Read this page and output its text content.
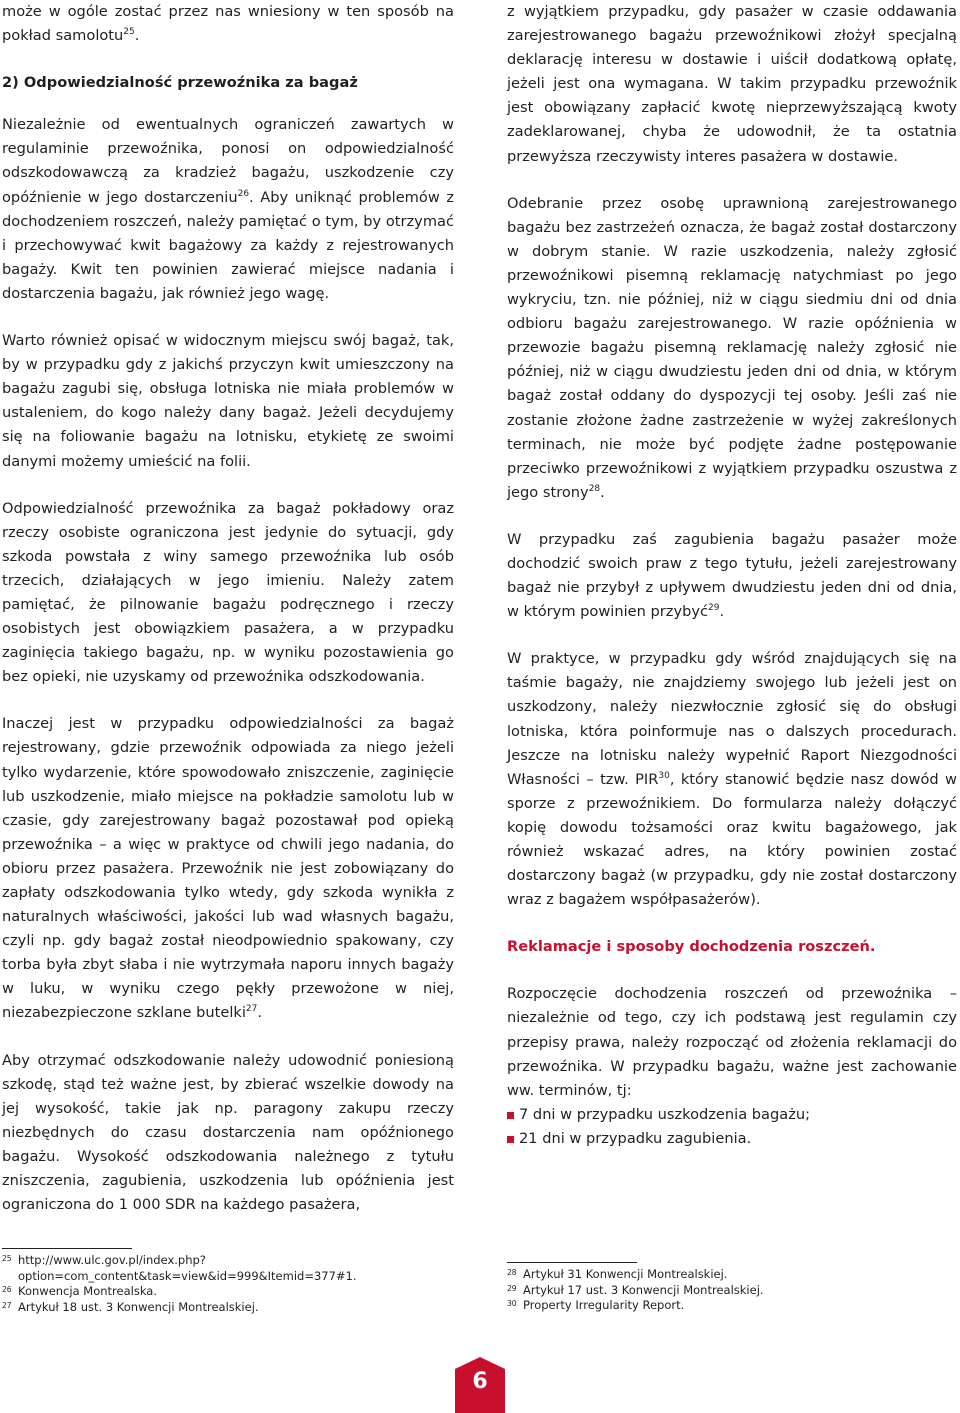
może w ogóle zostać przez nas wniesiony w ten sposób na pokład samolotu$^{25}$.

2) Odpowiedzialność przewoźnika za bagaż

Niezależnie od ewentualnych ograniczeń zawartych w regulaminie przewoźnika, ponosi on odpowiedzialność odszkodowawczą za kradzież bagażu, uszkodzenie czy opóźnienie w jego dostarczeniu$^{26}$. Aby uniknąć problemów z dochodzeniem roszczeń, należy pamiętać o tym, by otrzymać i przechowywać kwit bagażowy za każdy z rejestrowanych bagaży. Kwit ten powinien zawierać miejsce nadania i dostarczenia bagażu, jak również jego wagę.

Warto również opisać w widocznym miejscu swój bagaż, tak, by w przypadku gdy z jakichś przyczyn kwit umieszczony na bagażu zagubi się, obsługa lotniska nie miała problemów w ustaleniem, do kogo należy dany bagaż. Jeżeli decydujemy się na foliowanie bagażu na lotnisku, etykietę ze swoimi danymi możemy umieścić na folii.

Odpowiedzialność przewoźnika za bagaż pokładowy oraz rzeczy osobiste ograniczona jest jedynie do sytuacji, gdy szkoda powstała z winy samego przewoźnika lub osób trzecich, działających w jego imieniu. Należy zatem pamiętać, że pilnowanie bagażu podręcznego i rzeczy osobistych jest obowiązkiem pasażera, a w przypadku zaginięcia takiego bagażu, np. w wyniku pozostawienia go bez opieki, nie uzyskamy od przewoźnika odszkodowania.

Inaczej jest w przypadku odpowiedzialności za bagaż rejestrowany, gdzie przewoźnik odpowiada za niego jeżeli tylko wydarzenie, które spowodowało zniszczenie, zaginięcie lub uszkodzenie, miało miejsce na pokładzie samolotu lub w czasie, gdy zarejestrowany bagaż pozostawał pod opieką przewoźnika – a więc w praktyce od chwili jego nadania, do obioru przez pasażera. Przewoźnik nie jest zobowiązany do zapłaty odszkodowania tylko wtedy, gdy szkoda wynikła z naturalnych właściwości, jakości lub wad własnych bagażu, czyli np. gdy bagaż został nieodpowiednio spakowany, czy torba była zbyt słaba i nie wytrzymała naporu innych bagaży w luku, w wyniku czego pękły przewożone w niej, niezabezpieczone szklane butelki$^{27}$.

Aby otrzymać odszkodowanie należy udowodnić poniesioną szkodę, stąd też ważne jest, by zbierać wszelkie dowody na jej wysokość, takie jak np. paragony zakupu rzeczy niezbędnych do czasu dostarczenia nam opóźnionego bagażu. Wysokość odszkodowania należnego z tytułu zniszczenia, zagubienia, uszkodzenia lub opóźnienia jest ograniczona do 1 000 SDR na każdego pasażera,

z wyjątkiem przypadku, gdy pasażer w czasie oddawania zarejestrowanego bagażu przewoźnikowi złożył specjalną deklarację interesu w dostawie i uiścił dodatkową opłatę, jeżeli jest ona wymagana. W takim przypadku przewoźnik jest obowiązany zapłacić kwotę nieprzewyższającą kwoty zadeklarowanej, chyba że udowodnił, że ta ostatnia przewyższa rzeczywisty interes pasażera w dostawie.

Odebranie przez osobę uprawnioną zarejestrowanego bagażu bez zastrzeżeń oznacza, że bagaż został dostarczony w dobrym stanie. W razie uszkodzenia, należy zgłosić przewoźnikowi pisemną reklamację natychmiast po jego wykryciu, tzn. nie później, niż w ciągu siedmiu dni od dnia odbioru bagażu zarejestrowanego. W razie opóźnienia w przewozie bagażu pisemną reklamację należy zgłosić nie później, niż w ciągu dwudziestu jeden dni od dnia, w którym bagaż został oddany do dyspozycji tej osoby. Jeśli zaś nie zostanie złożone żadne zastrzeżenie w wyżej zakreślonych terminach, nie może być podjęte żadne postępowanie przeciwko przewoźnikowi z wyjątkiem przypadku oszustwa z jego strony$^{28}$.

W przypadku zaś zagubienia bagażu pasażer może dochodzić swoich praw z tego tytułu, jeżeli zarejestrowany bagaż nie przybył z upływem dwudziestu jeden dni od dnia, w którym powinien przybyć$^{29}$.

W praktyce, w przypadku gdy wśród znajdujących się na taśmie bagaży, nie znajdziemy swojego lub jeżeli jest on uszkodzony, należy niezwłocznie zgłosić się do obsługi lotniska, która poinformuje nas o dalszych procedurach. Jeszcze na lotnisku należy wypełnić Raport Niezgodności Własności – tzw. PIR$^{30}$, który stanowić będzie nasz dowód w sporze z przewoźnikiem. Do formularza należy dołączyć kopię dowodu tożsamości oraz kwitu bagażowego, jak również wskazać adres, na który powinien zostać dostarczony bagaż (w przypadku, gdy nie został dostarczony wraz z bagażem współpasażerów).

Reklamacje i sposoby dochodzenia roszczeń.

Rozpoczęcie dochodzenia roszczeń od przewoźnika – niezależnie od tego, czy ich podstawą jest regulamin czy przepisy prawa, należy rozpocząć od złożenia reklamacji do przewoźnika. W przypadku bagażu, ważne jest zachowanie ww. terminów, tj:

7 dni w przypadku uszkodzenia bagażu;
21 dni w przypadku zagubienia.
25 http://www.ulc.gov.pl/index.php?option=com_content&task=view&id=999&Itemid=377#1.
26 Konwencja Montrealska.
27 Artykuł 18 ust. 3 Konwencji Montrealskiej.
28 Artykuł 31 Konwencji Montrealskiej.
29 Artykuł 17 ust. 3 Konwencji Montrealskiej.
30 Property Irregularity Report.
6
